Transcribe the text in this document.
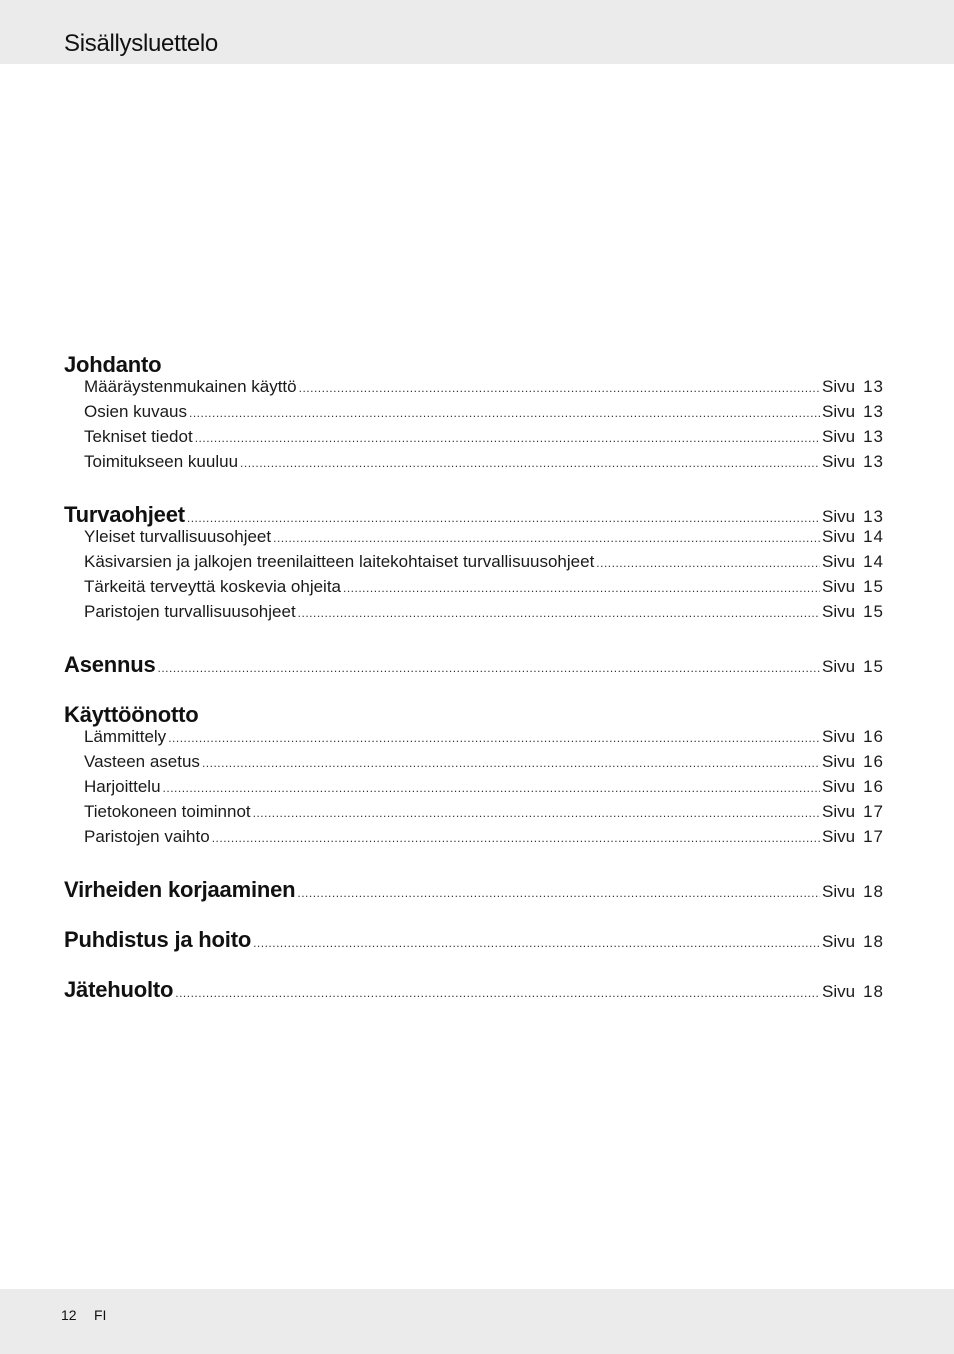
Sisällysluettelo
Johdanto
Määräystenmukainen käyttö .....	Sivu 13
Osien kuvaus .....	Sivu 13
Tekniset tiedot .....	Sivu 13
Toimitukseen kuuluu .....	Sivu 13
Turvaohjeet .....	Sivu 13
Yleiset turvallisuusohjeet .....	Sivu 14
Käsivarsien ja jalkojen treenilaitteen laitekohtaiset turvallisuusohjeet .....	Sivu 14
Tärkeitä terveyttä koskevia ohjeita .....	Sivu 15
Paristojen turvallisuusohjeet .....	Sivu 15
Asennus .....	Sivu 15
Käyttöönotto
Lämmittely .....	Sivu 16
Vasteen asetus .....	Sivu 16
Harjoittelu .....	Sivu 16
Tietokoneen toiminnot .....	Sivu 17
Paristojen vaihto .....	Sivu 17
Virheiden korjaaminen .....	Sivu 18
Puhdistus ja hoito .....	Sivu 18
Jätehuolto .....	Sivu 18
12 FI
